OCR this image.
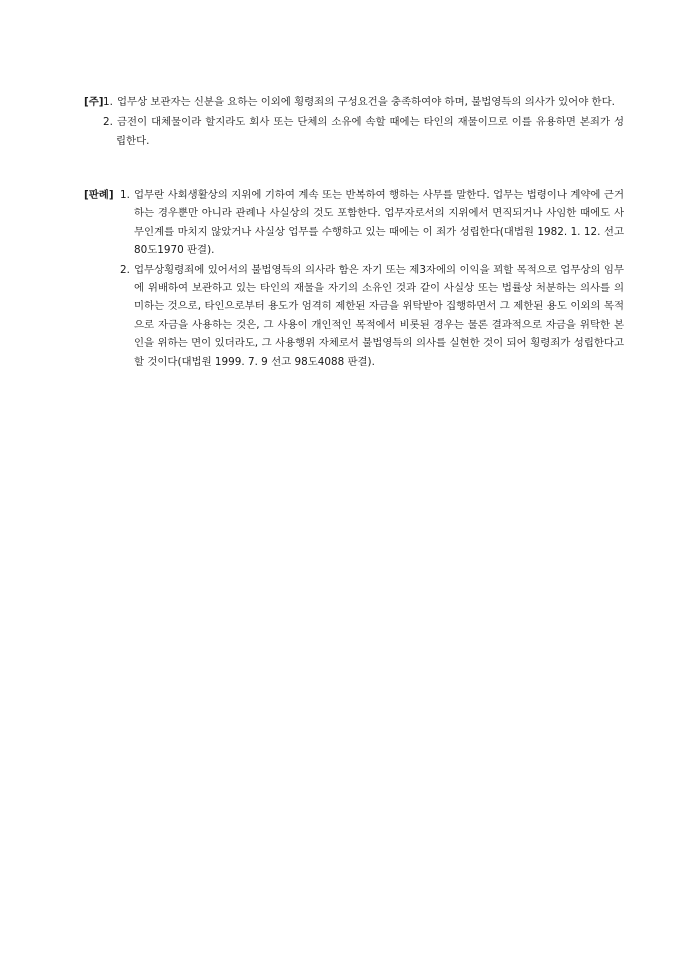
[주] 1. 업무상 보관자는 신분을 요하는 이외에 횡령죄의 구성요건을 충족하여야 하며, 불법영득의 의사가 있어야 한다.
2. 금전이 대체물이라 할지라도 회사 또는 단체의 소유에 속할 때에는 타인의 재물이므로 이를 유용하면 본죄가 성립한다.
[판례] 1. 업무란 사회생활상의 지위에 기하여 계속 또는 반복하여 행하는 사무를 말한다. 업무는 법령이나 계약에 근거하는 경우뿐만 아니라 관례나 사실상의 것도 포함한다. 업무자로서의 지위에서 면직되거나 사임한 때에도 사무인계를 마치지 않았거나 사실상 업무를 수행하고 있는 때에는 이 죄가 성립한다(대법원 1982. 1. 12. 선고 80도1970 판결).
2. 업무상횡령죄에 있어서의 불법영득의 의사라 함은 자기 또는 제3자에의 이익을 꾀할 목적으로 업무상의 임무에 위배하여 보관하고 있는 타인의 재물을 자기의 소유인 것과 같이 사실상 또는 법률상 처분하는 의사를 의미하는 것으로, 타인으로부터 용도가 엄격히 제한된 자금을 위탁받아 집행하면서 그 제한된 용도 이외의 목적으로 자금을 사용하는 것은, 그 사용이 개인적인 목적에서 비롯된 경우는 물론 결과적으로 자금을 위탁한 본인을 위하는 면이 있더라도, 그 사용행위 자체로서 불법영득의 의사를 실현한 것이 되어 횡령죄가 성립한다고 할 것이다(대법원 1999. 7. 9 선고 98도4088 판결).
